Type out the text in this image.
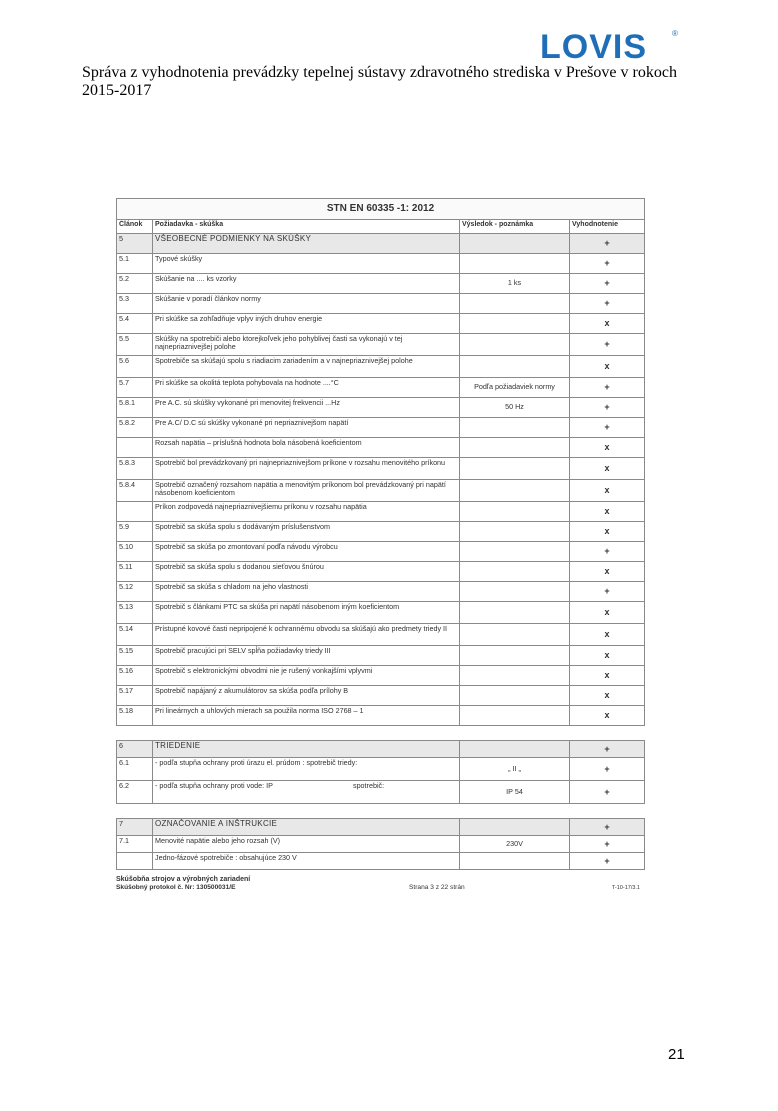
LOVIS	®
Správa z vyhodnotenia prevádzky tepelnej sústavy zdravotného strediska v Prešove v rokoch 2015-2017
STN EN 60335 -1: 2012			
Článok	Požiadavka - skúška	Výsledok - poznámka	Vyhodnotenie
5	VŠEOBECNÉ PODMIENKY NA SKÚŠKY		+
5.1	Typové skúšky		+
5.2	Skúšanie na .... ks vzorky	1 ks	+
5.3	Skúšanie v poradí článkov normy		+
5.4	Pri skúške sa zohľadňuje vplyv iných druhov energie		x
5.5	Skúšky na spotrebiči alebo ktorejkoľvek jeho pohyblivej časti sa vykonajú v tej najnepriaznivejšej polohe		+
5.6	Spotrebiče sa skúšajú spolu s riadiacim zariadením a v najnepriaznivejšej polohe		x
5.7	Pri skúške sa okolitá teplota pohybovala na hodnote ....°C	Podľa požiadaviek normy	+
5.8.1	Pre A.C. sú skúšky vykonané pri menovitej frekvencii ...Hz	50 Hz	+
5.8.2	Pre A.C/ D.C sú skúšky vykonané pri nepriaznivejšom napätí		+
	Rozsah napätia – príslušná hodnota bola násobená koeficientom		x
5.8.3	Spotrebič bol prevádzkovaný pri najnepriaznivejšom príkone v rozsahu menovitého príkonu		x
5.8.4	Spotrebič označený rozsahom napätia a menovitým príkonom bol prevádzkovaný pri napätí násobenom koeficientom		x
	Príkon zodpovedá najnepriaznivejšiemu príkonu v rozsahu napätia		x
5.9	Spotrebič sa skúša spolu s dodávaným príslušenstvom		x
5.10	Spotrebič sa skúša po zmontovaní podľa návodu výrobcu		+
5.11	Spotrebič sa skúša spolu s dodanou sieťovou šnúrou		x
5.12	Spotrebič sa skúša s chladom na jeho vlastnosti		+
5.13	Spotrebič s článkami PTC sa skúša pri napätí násobenom iným koeficientom		x
5.14	Prístupné kovové časti nepripojené k ochrannému obvodu sa skúšajú ako predmety triedy II		x
5.15	Spotrebič pracujúci pri SELV spĺňa požiadavky triedy III		x
5.16	Spotrebič s elektronickými obvodmi nie je rušený vonkajšími vplyvmi		x
5.17	Spotrebič napájaný z akumulátorov sa skúša podľa prílohy B		x
5.18	Pri lineárnych a uhlových mierach sa použila norma ISO 2768 – 1		x
6	TRIEDENIE		+
6.1	- podľa stupňa ochrany proti úrazu el. prúdom : spotrebič triedy:	„ II „	+
6.2	- podľa stupňa ochrany proti vode: IP spotrebič:	IP 54	+
7	OZNAČOVANIE A INŠTRUKCIE		+
7.1	Menovité napätie alebo jeho rozsah (V)	230V	+
	Jedno-fázové spotrebiče : obsahujúce 230 V		+
Skúšobňa strojov a výrobných zariadení
Skúšobný protokol č. Nr: 130500031/E	Strana 3 z 22 strán	T-10-17/3.1
21
